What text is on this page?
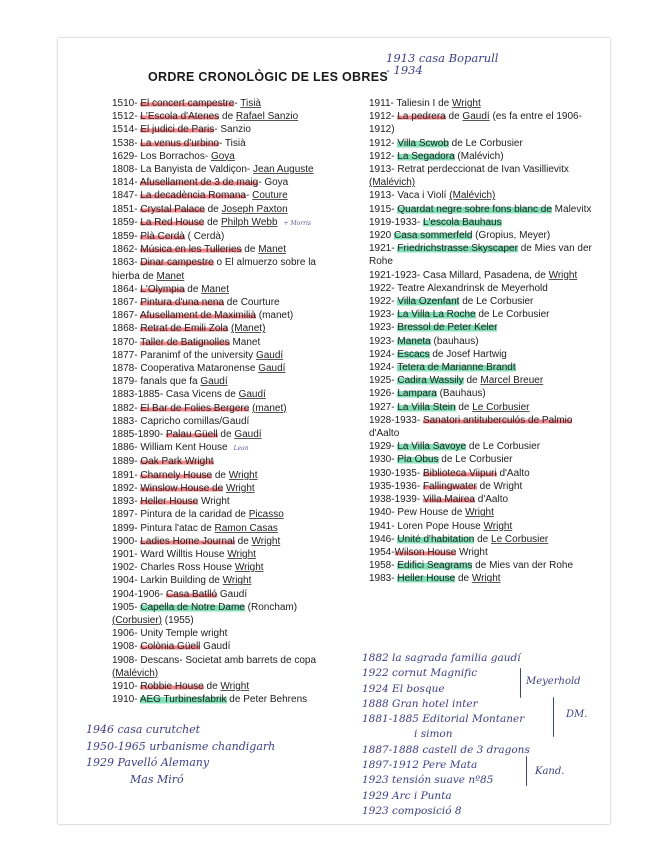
1913 casa Boparull
- 1934
ORDRE CRONOLÒGIC DE LES OBRES
1510- El concert campestre- Tisià
1512- L'Escola d'Atenes de Rafael Sanzio
1514- El judici de Paris- Sanzio
1538- La venus d'urbino- Tisià
1629- Los Borrachos- Goya
1808- La Banyista de Valdiçon- Jean Auguste
1814- Afusellament de 3 de maig- Goya
1847- La decadència Romana- Couture
1851- Crystal Palace de Joseph Paxton
1859- La Red House de Philph Webb + Morris
1859- Plà Cerdà ( Cerdà)
1862- Música en les Tulleries de Manet
1863- Dinar campestre o El almuerzo sobre la hierba de Manet
1864- L'Olympia de Manet
1867- Pintura d'una nena de Courture
1867- Afusellament de Maximilià (manet)
1868- Retrat de Emili Zola (Manet)
1870- Taller de Batignolles Manet
1877- Paranimf of the university Gaudí
1878- Cooperativa Mataronense Gaudí
1879- fanals que fa Gaudí
1883-1885- Casa Vicens de Gaudí
1882- El Bar de Folies Bergere (manet)
1883- Capricho comillas/Gaudí
1885-1890- Palau Güell de Gaudí
1886- William Kent House Lean
1889- Oak Park Wright
1891- Charnely House de Wright
1892- Winslow House de Wright
1893- Heller House Wright
1897- Pintura de la caridad de Picasso
1899- Pintura l'atac de Ramon Casas
1900- Ladies Home Journal de Wright
1901- Ward Willtis House Wright
1902- Charles Ross House Wright
1904- Larkin Building de Wright
1904-1906- Casa Batlló Gaudí
1905- Capella de Notre Dame (Roncham) (Corbusier) (1955)
1906- Unity Temple wright
1908- Colònia Güell Gaudí
1908- Descans- Societat amb barrets de copa (Malévich)
1910- Robbie House de Wright
1910- AEG Turbinesfabrik de Peter Behrens
1911- Taliesin I de Wright
1912- La pedrera de Gaudí (es fa entre el 1906-1912)
1912- Villa Scwob de Le Corbusier
1912- La Segadora (Malévich)
1913- Retrat perdeccionat de Ivan Vasillievitx (Malévich)
1913- Vaca i Violí (Malévich)
1915- Quardat negre sobre fons blanc de Malevitx
1919-1933- L'escola Bauhaus
1920 Casa sommerfeld (Gropius, Meyer)
1921- Friedrichstrasse Skyscaper de Mies van der Rohe
1921-1923- Casa Millard, Pasadena, de Wright
1922- Teatre Alexandrinsk de Meyerhold
1922- Villa Ozenfant de Le Corbusier
1923- La Villa La Roche de Le Corbusier
1923- Bressol de Peter Keler
1923- Maneta (bauhaus)
1924- Escacs de Josef Hartwig
1924- Tetera de Marianne Brandt
1925- Cadira Wassily de Marcel Breuer
1926- Lampara (Bauhaus)
1927- La Villa Stein de Le Corbusier
1928-1933- Sanatori antituberculós de Palmio d'Aalto
1929- La Villa Savoye de Le Corbusier
1930- Pla Obus de Le Corbusier
1930-1935- Biblioteca Viipuri d'Aalto
1935-1936- Fallingwater de Wright
1938-1939- Villa Mairea d'Aalto
1940- Pew House de Wright
1941- Loren Pope House Wright
1946- Unité d'habitation de Le Corbusier
1954-Wilson House Wright
1958- Edifici Seagrams de Mies van der Rohe
1983- Heller House de Wright
1882 la sagrada familia gaudí
1922 cornut Magnific
1924 El bosque
1888 Gran hotel inter
1881-1885 Editorial Montaner
i simon
1887-1888 castell de 3 dragons
1897-1912 Pere Mata
1923 tensión suave nº85
1929 Arc i Punta
1923 composició 8
Meyerhold
DM.
Kand.
1946 casa curutchet
1950-1965 urbanisme chandigarh
1929 Pavelló Alemany
Mas Miró
